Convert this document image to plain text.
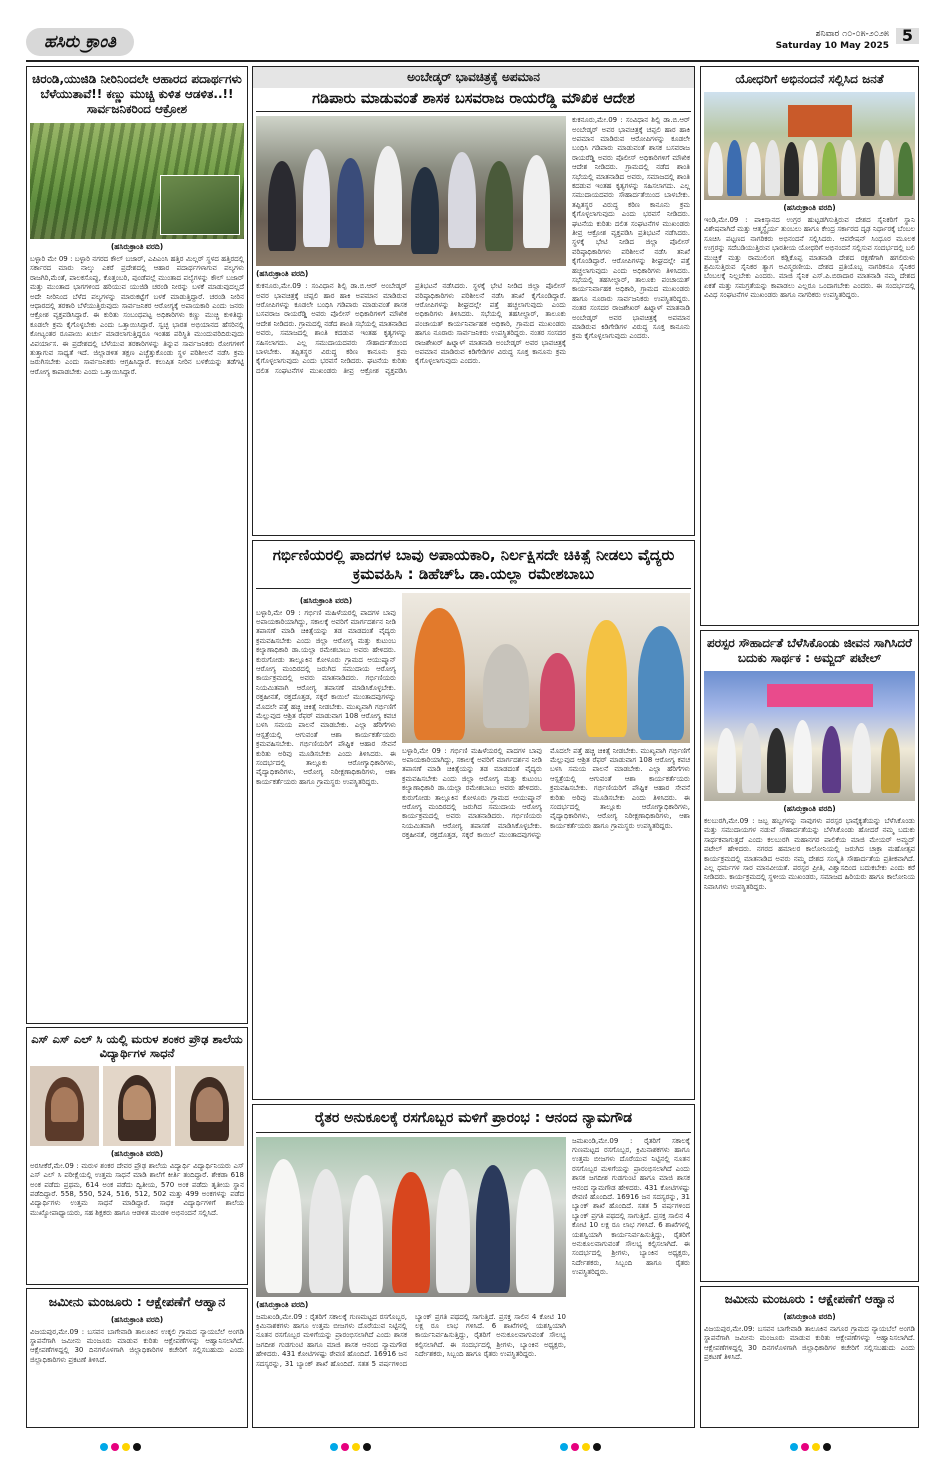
ಹಸಿರು ಕ್ರಾಂತಿ	ಶನಿವಾರ ೧೦-೦೫-೨೦೨೫
Saturday 10 May 2025
5
ಚಿರಂಡಿ,ಯುಜಿಡಿ ನೀರಿನಿಂದಲೇ ಆಹಾರದ ಪದಾರ್ಥಗಳು ಬೆಳೆಯುತಾವೆ!! ಕಣ್ಣು ಮುಚ್ಚಿ ಕುಳಿತ ಆಡಳಿತ..!! ಸಾರ್ವಜನಿಕರಿಂದ ಆಕ್ರೋಶ
(ಹಸಿರುಕ್ರಾಂತಿ ವರದಿ)
ಬಳ್ಳಾರಿ ಮೇ 09 : ಬಳ್ಳಾರಿ ನಗರದ ಕೌಲ್ ಬಜಾರ್, ಎಪಿಎಂಸಿ ಹತ್ತಿರ ಮಿಲ್ಲರ್ ಸ್ಥಳದ ಹತ್ತಿರದಲ್ಲಿ ಸರ್ಕಾರದ ಮಾರು ನಾಲ್ಕು ಎಕರೆ ಪ್ರದೇಶದಲ್ಲಿ ಆಹಾರ ಪದಾರ್ಥಗಳಾಗುವ ಪಲ್ಯಗಳು ರಾಜಗಿರಿ,ಮೆಂತೆ, ಪಾಲಕಸೊಪ್ಪು, ಕೊತ್ತಂಬರಿ, ಪುಂಡೆಪಲ್ಲೆ ಮುಂತಾದ ಪಲ್ಯೆಗಳನ್ನು ಕೌಲ್ ಬಜಾರ್ ಮತ್ತು ಮುಂತಾದ ಭಾಗಗಳಿಂದ ಹರಿಯುವ ಯುಜಿಡಿ ಚರಂಡಿ ನೀರನ್ನು ಬಳಕೆ ಮಾಡುವುದಲ್ಲದೆ ಅದೇ ನೀರಿನಿಂದ ಬೆಳೆದ ಪಲ್ಯಗಳನ್ನು ಮಾರುಕಟ್ಟೆಗೆ ಬಳಕೆ ಮಾಡುತ್ತಿದ್ದಾರೆ. ಚರಂಡಿ ನೀರಿನ ಆಧಾರದಲ್ಲಿ ತರಕಾರಿ ಬೆಳೆಯುತ್ತಿರುವುದು ಸಾರ್ವಜನಿಕರ ಆರೋಗ್ಯಕ್ಕೆ ಅಪಾಯಕಾರಿ ಎಂದು ಜನರು ಆಕ್ರೋಶ ವ್ಯಕ್ತಪಡಿಸಿದ್ದಾರೆ. ಈ ಕುರಿತು ಸಂಬಂಧಪಟ್ಟ ಅಧಿಕಾರಿಗಳು ಕಣ್ಣು ಮುಚ್ಚಿ ಕುಳಿತಿದ್ದು ಕೂಡಲೇ ಕ್ರಮ ಕೈಗೊಳ್ಳಬೇಕು ಎಂದು ಒತ್ತಾಯಿಸಿದ್ದಾರೆ. ಸ್ವಚ್ಛ ಭಾರತ ಅಭಿಯಾನದ ಹೆಸರಿನಲ್ಲಿ ಕೋಟ್ಯಂತರ ರೂಪಾಯಿ ಖರ್ಚು ಮಾಡಲಾಗುತ್ತಿದ್ದರೂ ಇಂತಹ ಪರಿಸ್ಥಿತಿ ಮುಂದುವರಿದಿರುವುದು ವಿಪರ್ಯಾಸ. ಈ ಪ್ರದೇಶದಲ್ಲಿ ಬೆಳೆಯುವ ತರಕಾರಿಗಳನ್ನು ತಿನ್ನುವ ಸಾರ್ವಜನಿಕರು ರೋಗಗಳಿಗೆ ತುತ್ತಾಗುವ ಸಾಧ್ಯತೆ ಇದೆ. ಜಿಲ್ಲಾಡಳಿತ ತಕ್ಷಣ ಎಚ್ಚೆತ್ತುಕೊಂಡು ಸ್ಥಳ ಪರಿಶೀಲನೆ ನಡೆಸಿ ಕ್ರಮ ಜರುಗಿಸಬೇಕು ಎಂದು ಸಾರ್ವಜನಿಕರು ಆಗ್ರಹಿಸಿದ್ದಾರೆ. ಕಲುಷಿತ ನೀರಿನ ಬಳಕೆಯನ್ನು ತಡೆಗಟ್ಟಿ ಆರೋಗ್ಯ ಕಾಪಾಡಬೇಕು ಎಂದು ಒತ್ತಾಯಿಸಿದ್ದಾರೆ.
ಎಸ್ ಎಸ್ ಎಲ್ ಸಿ ಯಲ್ಲಿ ಮರುಳ ಶಂಕರ ಪ್ರೌಢ ಶಾಲೆಯ ವಿದ್ಯಾರ್ಥಿಗಳ ಸಾಧನೆ
(ಹಸಿರುಕ್ರಾಂತಿ ವರದಿ)
ಅರಸೀಕೆರೆ,ಮೇ.09 : ಮರುಳ ಶಂಕರ ದೇವರ ಪ್ರೌಢ ಶಾಲೆಯ ವಿದ್ಯಾರ್ಥಿ ವಿದ್ಯಾರ್ಥಿನಿಯರು ಎಸ್ ಎಸ್ ಎಲ್ ಸಿ ಪರೀಕ್ಷೆಯಲ್ಲಿ ಉತ್ತಮ ಸಾಧನೆ ಮಾಡಿ ಶಾಲೆಗೆ ಕೀರ್ತಿ ತಂದಿದ್ದಾರೆ. ಶೇಕಡಾ 618 ಅಂಕ ಪಡೆದು ಪ್ರಥಮ, 614 ಅಂಕ ಪಡೆದು ದ್ವಿತೀಯ, 570 ಅಂಕ ಪಡೆದು ತೃತೀಯ ಸ್ಥಾನ ಪಡೆದಿದ್ದಾರೆ. 558, 550, 524, 516, 512, 502 ಮತ್ತು 499 ಅಂಕಗಳನ್ನು ಪಡೆದ ವಿದ್ಯಾರ್ಥಿಗಳು ಉತ್ತಮ ಸಾಧನೆ ಮಾಡಿದ್ದಾರೆ. ಸಾಧಕ ವಿದ್ಯಾರ್ಥಿಗಳಿಗೆ ಶಾಲೆಯ ಮುಖ್ಯೋಪಾಧ್ಯಾಯರು, ಸಹ ಶಿಕ್ಷಕರು ಹಾಗೂ ಆಡಳಿತ ಮಂಡಳಿ ಅಭಿನಂದನೆ ಸಲ್ಲಿಸಿದೆ.
ಜಮೀನು ಮಂಜೂರು : ಆಕ್ಷೇಪಣೆಗೆ ಆಹ್ವಾನ
(ಹಸಿರುಕ್ರಾಂತಿ ವರದಿ)
ವಿಜಯಪುರ,ಮೇ.09 : ಬಸವನ ಬಾಗೇವಾಡಿ ತಾಲೂಕಿನ ಉಕ್ಕಲಿ ಗ್ರಾಮದ ನ್ಯಾಯಬೆಲೆ ಅಂಗಡಿ ಸ್ಥಾಪನೆಗಾಗಿ ಜಮೀನು ಮಂಜೂರು ಮಾಡುವ ಕುರಿತು ಆಕ್ಷೇಪಣೆಗಳನ್ನು ಆಹ್ವಾನಿಸಲಾಗಿದೆ. ಆಕ್ಷೇಪಣೆಗಳಿದ್ದಲ್ಲಿ 30 ದಿನಗಳೊಳಗಾಗಿ ಜಿಲ್ಲಾಧಿಕಾರಿಗಳ ಕಚೇರಿಗೆ ಸಲ್ಲಿಸಬಹುದು ಎಂದು ಜಿಲ್ಲಾಧಿಕಾರಿಗಳು ಪ್ರಕಟಣೆ ತಿಳಿಸಿದೆ.
ಅಂಬೇಡ್ಕರ್ ಭಾವಚಿತ್ರಕ್ಕೆ ಅಪಮಾನ
ಗಡಿಪಾರು ಮಾಡುವಂತೆ ಶಾಸಕ ಬಸವರಾಜ ರಾಯರೆಡ್ಡಿ ಮೌಖಿಕ ಆದೇಶ
(ಹಸಿರುಕ್ರಾಂತಿ ವರದಿ)
ಕುಕನೂರು,ಮೇ.09 : ಸಂವಿಧಾನ ಶಿಲ್ಪಿ ಡಾ.ಬಿ.ಆರ್ ಅಂಬೇಡ್ಕರ್ ಅವರ ಭಾವಚಿತ್ರಕ್ಕೆ ಚಪ್ಪಲಿ ಹಾರ ಹಾಕಿ ಅಪಮಾನ ಮಾಡಿರುವ ಆರೋಪಿಗಳನ್ನು ಕೂಡಲೇ ಬಂಧಿಸಿ ಗಡಿಪಾರು ಮಾಡುವಂತೆ ಶಾಸಕ ಬಸವರಾಜ ರಾಯರೆಡ್ಡಿ ಅವರು ಪೊಲೀಸ್ ಅಧಿಕಾರಿಗಳಿಗೆ ಮೌಖಿಕ ಆದೇಶ ನೀಡಿದರು. ಗ್ರಾಮದಲ್ಲಿ ನಡೆದ ಶಾಂತಿ ಸಭೆಯಲ್ಲಿ ಮಾತನಾಡಿದ ಅವರು, ಸಮಾಜದಲ್ಲಿ ಶಾಂತಿ ಕದಡುವ ಇಂತಹ ಕೃತ್ಯಗಳನ್ನು ಸಹಿಸಲಾಗದು. ಎಲ್ಲ ಸಮುದಾಯದವರು ಸೌಹಾರ್ದತೆಯಿಂದ ಬಾಳಬೇಕು. ತಪ್ಪಿತಸ್ಥರ ವಿರುದ್ಧ ಕಠಿಣ ಕಾನೂನು ಕ್ರಮ ಕೈಗೊಳ್ಳಲಾಗುವುದು ಎಂದು ಭರವಸೆ ನೀಡಿದರು. ಘಟನೆಯ ಕುರಿತು ದಲಿತ ಸಂಘಟನೆಗಳ ಮುಖಂಡರು ತೀವ್ರ ಆಕ್ರೋಶ ವ್ಯಕ್ತಪಡಿಸಿ ಪ್ರತಿಭಟನೆ ನಡೆಸಿದರು. ಸ್ಥಳಕ್ಕೆ ಭೇಟಿ ನೀಡಿದ ಜಿಲ್ಲಾ ಪೊಲೀಸ್ ವರಿಷ್ಠಾಧಿಕಾರಿಗಳು ಪರಿಶೀಲನೆ ನಡೆಸಿ ತನಿಖೆ ಕೈಗೊಂಡಿದ್ದಾರೆ. ಆರೋಪಿಗಳನ್ನು ಶೀಘ್ರದಲ್ಲೇ ಪತ್ತೆ ಹಚ್ಚಲಾಗುವುದು ಎಂದು ಅಧಿಕಾರಿಗಳು ತಿಳಿಸಿದರು. ಸಭೆಯಲ್ಲಿ ತಹಸೀಲ್ದಾರ್, ತಾಲೂಕು ಪಂಚಾಯತ್ ಕಾರ್ಯನಿರ್ವಾಹಕ ಅಧಿಕಾರಿ, ಗ್ರಾಮದ ಮುಖಂಡರು ಹಾಗೂ ನೂರಾರು ಸಾರ್ವಜನಿಕರು ಉಪಸ್ಥಿತರಿದ್ದರು. ನಂತರ ಸಂಸದರ ರಾಜಶೇಖರ್ ಹಿಟ್ನಾಳ್ ಮಾತನಾಡಿ ಅಂಬೇಡ್ಕರ್ ಅವರ ಭಾವಚಿತ್ರಕ್ಕೆ ಅಪಮಾನ ಮಾಡಿರುವ ಕಿಡಿಗೇಡಿಗಳ ವಿರುದ್ಧ ಸೂಕ್ತ ಕಾನೂನು ಕ್ರಮ ಕೈಗೊಳ್ಳಲಾಗುವುದು ಎಂದರು.
ಕುಕನೂರು,ಮೇ.09 : ಸಂವಿಧಾನ ಶಿಲ್ಪಿ ಡಾ.ಬಿ.ಆರ್ ಅಂಬೇಡ್ಕರ್ ಅವರ ಭಾವಚಿತ್ರಕ್ಕೆ ಚಪ್ಪಲಿ ಹಾರ ಹಾಕಿ ಅಪಮಾನ ಮಾಡಿರುವ ಆರೋಪಿಗಳನ್ನು ಕೂಡಲೇ ಬಂಧಿಸಿ ಗಡಿಪಾರು ಮಾಡುವಂತೆ ಶಾಸಕ ಬಸವರಾಜ ರಾಯರೆಡ್ಡಿ ಅವರು ಪೊಲೀಸ್ ಅಧಿಕಾರಿಗಳಿಗೆ ಮೌಖಿಕ ಆದೇಶ ನೀಡಿದರು. ಗ್ರಾಮದಲ್ಲಿ ನಡೆದ ಶಾಂತಿ ಸಭೆಯಲ್ಲಿ ಮಾತನಾಡಿದ ಅವರು, ಸಮಾಜದಲ್ಲಿ ಶಾಂತಿ ಕದಡುವ ಇಂತಹ ಕೃತ್ಯಗಳನ್ನು ಸಹಿಸಲಾಗದು. ಎಲ್ಲ ಸಮುದಾಯದವರು ಸೌಹಾರ್ದತೆಯಿಂದ ಬಾಳಬೇಕು. ತಪ್ಪಿತಸ್ಥರ ವಿರುದ್ಧ ಕಠಿಣ ಕಾನೂನು ಕ್ರಮ ಕೈಗೊಳ್ಳಲಾಗುವುದು ಎಂದು ಭರವಸೆ ನೀಡಿದರು. ಘಟನೆಯ ಕುರಿತು ದಲಿತ ಸಂಘಟನೆಗಳ ಮುಖಂಡರು ತೀವ್ರ ಆಕ್ರೋಶ ವ್ಯಕ್ತಪಡಿಸಿ ಪ್ರತಿಭಟನೆ ನಡೆಸಿದರು. ಸ್ಥಳಕ್ಕೆ ಭೇಟಿ ನೀಡಿದ ಜಿಲ್ಲಾ ಪೊಲೀಸ್ ವರಿಷ್ಠಾಧಿಕಾರಿಗಳು ಪರಿಶೀಲನೆ ನಡೆಸಿ ತನಿಖೆ ಕೈಗೊಂಡಿದ್ದಾರೆ. ಆರೋಪಿಗಳನ್ನು ಶೀಘ್ರದಲ್ಲೇ ಪತ್ತೆ ಹಚ್ಚಲಾಗುವುದು ಎಂದು ಅಧಿಕಾರಿಗಳು ತಿಳಿಸಿದರು. ಸಭೆಯಲ್ಲಿ ತಹಸೀಲ್ದಾರ್, ತಾಲೂಕು ಪಂಚಾಯತ್ ಕಾರ್ಯನಿರ್ವಾಹಕ ಅಧಿಕಾರಿ, ಗ್ರಾಮದ ಮುಖಂಡರು ಹಾಗೂ ನೂರಾರು ಸಾರ್ವಜನಿಕರು ಉಪಸ್ಥಿತರಿದ್ದರು. ನಂತರ ಸಂಸದರ ರಾಜಶೇಖರ್ ಹಿಟ್ನಾಳ್ ಮಾತನಾಡಿ ಅಂಬೇಡ್ಕರ್ ಅವರ ಭಾವಚಿತ್ರಕ್ಕೆ ಅಪಮಾನ ಮಾಡಿರುವ ಕಿಡಿಗೇಡಿಗಳ ವಿರುದ್ಧ ಸೂಕ್ತ ಕಾನೂನು ಕ್ರಮ ಕೈಗೊಳ್ಳಲಾಗುವುದು ಎಂದರು.
ಗರ್ಭಿಣಿಯರಲ್ಲಿ ಪಾದಗಳ ಬಾವು ಅಪಾಯಕಾರಿ, ನಿರ್ಲಕ್ಷಿಸದೇ ಚಿಕಿತ್ಸೆ ನೀಡಲು ವೈದ್ಯರು ಕ್ರಮವಹಿಸಿ : ಡಿಹೆಚ್ಓ ಡಾ.ಯಲ್ಲಾ ರಮೇಶಬಾಬು
(ಹಸಿರುಕ್ರಾಂತಿ ವರದಿ)
ಬಳ್ಳಾರಿ,ಮೇ 09 : ಗರ್ಭಿಣಿ ಮಹಿಳೆಯರಲ್ಲಿ ಪಾದಗಳ ಬಾವು ಅಪಾಯಕಾರಿಯಾಗಿದ್ದು, ಸಕಾಲಕ್ಕೆ ಅವರಿಗೆ ಮಾರ್ಗದರ್ಶನ ನೀಡಿ ತಪಾಸಣೆ ಮಾಡಿ ಚಿಕಿತ್ಸೆಯನ್ನು ತಡ ಮಾಡದಂತೆ ವೈದ್ಯರು ಕ್ರಮವಹಿಸಬೇಕು ಎಂದು ಜಿಲ್ಲಾ ಆರೋಗ್ಯ ಮತ್ತು ಕುಟುಂಬ ಕಲ್ಯಾಣಾಧಿಕಾರಿ ಡಾ.ಯಲ್ಲಾ ರಮೇಶಬಾಬು ಅವರು ಹೇಳಿದರು. ಕುರುಗೋಡು ತಾಲ್ಲೂಕಿನ ಕೋಳೂರು ಗ್ರಾಮದ ಆಯುಷ್ಮಾನ್ ಆರೋಗ್ಯ ಮಂದಿರದಲ್ಲಿ ಜರುಗಿದ ಸಮುದಾಯ ಆರೋಗ್ಯ ಕಾರ್ಯಕ್ರಮದಲ್ಲಿ ಅವರು ಮಾತನಾಡಿದರು. ಗರ್ಭಿಣಿಯರು ನಿಯಮಿತವಾಗಿ ಆರೋಗ್ಯ ತಪಾಸಣೆ ಮಾಡಿಸಿಕೊಳ್ಳಬೇಕು. ರಕ್ತಹೀನತೆ, ರಕ್ತದೊತ್ತಡ, ಸಕ್ಕರೆ ಕಾಯಿಲೆ ಮುಂತಾದವುಗಳನ್ನು ಮೊದಲೇ ಪತ್ತೆ ಹಚ್ಚಿ ಚಿಕಿತ್ಸೆ ನೀಡಬೇಕು. ಮುಖ್ಯವಾಗಿ ಗರ್ಭಿಣಿಗೆ ಮೆಲ್ಲುವುದ ಆಶ್ರಿತ ರೆಫರ್ ಮಾಡುವಾಗ 108 ಆರೋಗ್ಯ ಕವಚ ಬಳಸಿ ಸಮಯ ಪಾಲನೆ ಮಾಡಬೇಕು. ಎಲ್ಲಾ ಹೆರಿಗೆಗಳು ಆಸ್ಪತ್ರೆಯಲ್ಲಿ ಆಗುವಂತೆ ಆಶಾ ಕಾರ್ಯಕರ್ತೆಯರು ಕ್ರಮವಹಿಸಬೇಕು. ಗರ್ಭಿಣಿಯರಿಗೆ ಪೌಷ್ಟಿಕ ಆಹಾರ ಸೇವನೆ ಕುರಿತು ಅರಿವು ಮೂಡಿಸಬೇಕು ಎಂದು ತಿಳಿಸಿದರು. ಈ ಸಂದರ್ಭದಲ್ಲಿ ತಾಲ್ಲೂಕು ಆರೋಗ್ಯಾಧಿಕಾರಿಗಳು, ವೈದ್ಯಾಧಿಕಾರಿಗಳು, ಆರೋಗ್ಯ ನಿರೀಕ್ಷಣಾಧಿಕಾರಿಗಳು, ಆಶಾ ಕಾರ್ಯಕರ್ತೆಯರು ಹಾಗೂ ಗ್ರಾಮಸ್ಥರು ಉಪಸ್ಥಿತರಿದ್ದರು.
ಬಳ್ಳಾರಿ,ಮೇ 09 : ಗರ್ಭಿಣಿ ಮಹಿಳೆಯರಲ್ಲಿ ಪಾದಗಳ ಬಾವು ಅಪಾಯಕಾರಿಯಾಗಿದ್ದು, ಸಕಾಲಕ್ಕೆ ಅವರಿಗೆ ಮಾರ್ಗದರ್ಶನ ನೀಡಿ ತಪಾಸಣೆ ಮಾಡಿ ಚಿಕಿತ್ಸೆಯನ್ನು ತಡ ಮಾಡದಂತೆ ವೈದ್ಯರು ಕ್ರಮವಹಿಸಬೇಕು ಎಂದು ಜಿಲ್ಲಾ ಆರೋಗ್ಯ ಮತ್ತು ಕುಟುಂಬ ಕಲ್ಯಾಣಾಧಿಕಾರಿ ಡಾ.ಯಲ್ಲಾ ರಮೇಶಬಾಬು ಅವರು ಹೇಳಿದರು. ಕುರುಗೋಡು ತಾಲ್ಲೂಕಿನ ಕೋಳೂರು ಗ್ರಾಮದ ಆಯುಷ್ಮಾನ್ ಆರೋಗ್ಯ ಮಂದಿರದಲ್ಲಿ ಜರುಗಿದ ಸಮುದಾಯ ಆರೋಗ್ಯ ಕಾರ್ಯಕ್ರಮದಲ್ಲಿ ಅವರು ಮಾತನಾಡಿದರು. ಗರ್ಭಿಣಿಯರು ನಿಯಮಿತವಾಗಿ ಆರೋಗ್ಯ ತಪಾಸಣೆ ಮಾಡಿಸಿಕೊಳ್ಳಬೇಕು. ರಕ್ತಹೀನತೆ, ರಕ್ತದೊತ್ತಡ, ಸಕ್ಕರೆ ಕಾಯಿಲೆ ಮುಂತಾದವುಗಳನ್ನು ಮೊದಲೇ ಪತ್ತೆ ಹಚ್ಚಿ ಚಿಕಿತ್ಸೆ ನೀಡಬೇಕು. ಮುಖ್ಯವಾಗಿ ಗರ್ಭಿಣಿಗೆ ಮೆಲ್ಲುವುದ ಆಶ್ರಿತ ರೆಫರ್ ಮಾಡುವಾಗ 108 ಆರೋಗ್ಯ ಕವಚ ಬಳಸಿ ಸಮಯ ಪಾಲನೆ ಮಾಡಬೇಕು. ಎಲ್ಲಾ ಹೆರಿಗೆಗಳು ಆಸ್ಪತ್ರೆಯಲ್ಲಿ ಆಗುವಂತೆ ಆಶಾ ಕಾರ್ಯಕರ್ತೆಯರು ಕ್ರಮವಹಿಸಬೇಕು. ಗರ್ಭಿಣಿಯರಿಗೆ ಪೌಷ್ಟಿಕ ಆಹಾರ ಸೇವನೆ ಕುರಿತು ಅರಿವು ಮೂಡಿಸಬೇಕು ಎಂದು ತಿಳಿಸಿದರು. ಈ ಸಂದರ್ಭದಲ್ಲಿ ತಾಲ್ಲೂಕು ಆರೋಗ್ಯಾಧಿಕಾರಿಗಳು, ವೈದ್ಯಾಧಿಕಾರಿಗಳು, ಆರೋಗ್ಯ ನಿರೀಕ್ಷಣಾಧಿಕಾರಿಗಳು, ಆಶಾ ಕಾರ್ಯಕರ್ತೆಯರು ಹಾಗೂ ಗ್ರಾಮಸ್ಥರು ಉಪಸ್ಥಿತರಿದ್ದರು.
ರೈತರ ಅನುಕೂಲಕ್ಕೆ ರಸಗೊಬ್ಬರ ಮಳಿಗೆ ಪ್ರಾರಂಭ : ಆನಂದ ನ್ಯಾಮಗೌಡ
(ಹಸಿರುಕ್ರಾಂತಿ ವರದಿ)
ಜಮಖಂಡಿ,ಮೇ.09 : ರೈತರಿಗೆ ಸಕಾಲಕ್ಕೆ ಗುಣಮಟ್ಟದ ರಸಗೊಬ್ಬರ, ಕ್ರಿಮಿನಾಶಕಗಳು ಹಾಗೂ ಉತ್ತಮ ಬೀಜಗಳು ದೊರೆಯುವ ನಿಟ್ಟಿನಲ್ಲಿ ನೂತನ ರಸಗೊಬ್ಬರ ಮಳಿಗೆಯನ್ನು ಪ್ರಾರಂಭಿಸಲಾಗಿದೆ ಎಂದು ಶಾಸಕ ಜಗದೀಶ ಗುಡಗುಂಟಿ ಹಾಗೂ ಮಾಜಿ ಶಾಸಕ ಆನಂದ ನ್ಯಾಮಗೌಡ ಹೇಳಿದರು. 431 ಕೋಟಿಗಳಷ್ಟು ಠೇವಣಿ ಹೊಂದಿದೆ. 16916 ಜನ ಸದಸ್ಯರನ್ನು, 31 ಬ್ಯಾಂಕ್ ಶಾಖೆ ಹೊಂದಿದೆ. ಸತತ 5 ವರ್ಷಗಳಿಂದ ಬ್ಯಾಂಕ್ ಪ್ರಗತಿ ಪಥದಲ್ಲಿ ಸಾಗುತ್ತಿದೆ. ಪ್ರಸಕ್ತ ಸಾಲಿನ 4 ಕೋಟಿ 10 ಲಕ್ಷ ರೂ ಲಾಭ ಗಳಿಸಿದೆ. 6 ಶಾಖೆಗಳಲ್ಲಿ ಯಶಸ್ವಿಯಾಗಿ ಕಾರ್ಯನಿರ್ವಹಿಸುತ್ತಿದ್ದು, ರೈತರಿಗೆ ಅನುಕೂಲವಾಗುವಂತೆ ಸೌಲಭ್ಯ ಕಲ್ಪಿಸಲಾಗಿದೆ. ಈ ಸಂದರ್ಭದಲ್ಲಿ ಶ್ರೀಗಳು, ಬ್ಯಾಂಕಿನ ಅಧ್ಯಕ್ಷರು, ನಿರ್ದೇಶಕರು, ಸಿಬ್ಬಂದಿ ಹಾಗೂ ರೈತರು ಉಪಸ್ಥಿತರಿದ್ದರು.
ಜಮಖಂಡಿ,ಮೇ.09 : ರೈತರಿಗೆ ಸಕಾಲಕ್ಕೆ ಗುಣಮಟ್ಟದ ರಸಗೊಬ್ಬರ, ಕ್ರಿಮಿನಾಶಕಗಳು ಹಾಗೂ ಉತ್ತಮ ಬೀಜಗಳು ದೊರೆಯುವ ನಿಟ್ಟಿನಲ್ಲಿ ನೂತನ ರಸಗೊಬ್ಬರ ಮಳಿಗೆಯನ್ನು ಪ್ರಾರಂಭಿಸಲಾಗಿದೆ ಎಂದು ಶಾಸಕ ಜಗದೀಶ ಗುಡಗುಂಟಿ ಹಾಗೂ ಮಾಜಿ ಶಾಸಕ ಆನಂದ ನ್ಯಾಮಗೌಡ ಹೇಳಿದರು. 431 ಕೋಟಿಗಳಷ್ಟು ಠೇವಣಿ ಹೊಂದಿದೆ. 16916 ಜನ ಸದಸ್ಯರನ್ನು, 31 ಬ್ಯಾಂಕ್ ಶಾಖೆ ಹೊಂದಿದೆ. ಸತತ 5 ವರ್ಷಗಳಿಂದ ಬ್ಯಾಂಕ್ ಪ್ರಗತಿ ಪಥದಲ್ಲಿ ಸಾಗುತ್ತಿದೆ. ಪ್ರಸಕ್ತ ಸಾಲಿನ 4 ಕೋಟಿ 10 ಲಕ್ಷ ರೂ ಲಾಭ ಗಳಿಸಿದೆ. 6 ಶಾಖೆಗಳಲ್ಲಿ ಯಶಸ್ವಿಯಾಗಿ ಕಾರ್ಯನಿರ್ವಹಿಸುತ್ತಿದ್ದು, ರೈತರಿಗೆ ಅನುಕೂಲವಾಗುವಂತೆ ಸೌಲಭ್ಯ ಕಲ್ಪಿಸಲಾಗಿದೆ. ಈ ಸಂದರ್ಭದಲ್ಲಿ ಶ್ರೀಗಳು, ಬ್ಯಾಂಕಿನ ಅಧ್ಯಕ್ಷರು, ನಿರ್ದೇಶಕರು, ಸಿಬ್ಬಂದಿ ಹಾಗೂ ರೈತರು ಉಪಸ್ಥಿತರಿದ್ದರು.
ಯೋಧರಿಗೆ ಅಭಿನಂದನೆ ಸಲ್ಲಿಸಿದ ಜನತೆ
(ಹಸಿರುಕ್ರಾಂತಿ ವರದಿ)
ಇಂಡಿ,ಮೇ.09 : ಪಾಕಿಸ್ತಾನದ ಉಗ್ರರ ಹುಟ್ಟಡಗಿಸುತ್ತಿರುವ ದೇಶದ ಸೈನಿಕರಿಗೆ ಸ್ಥಾನಿ ವಿಶೇಷವಾಗಿದೆ ಮತ್ತು ಆತ್ಮಸ್ಥೈರ್ಯ ತುಂಬಲು ಹಾಗೂ ಕೇಂದ್ರ ಸರ್ಕಾರದ ದೃಢ ನಿರ್ಧಾರಕ್ಕೆ ಬೆಂಬಲ ಸೂಚಿಸಿ ಪಟ್ಟಣದ ನಾಗರಿಕರು ಅಭಿನಂದನೆ ಸಲ್ಲಿಸಿದರು. ಆಪರೇಷನ್ ಸಿಂಧೂರ ಮೂಲಕ ಉಗ್ರರನ್ನು ಸದೆಬಡಿಯುತ್ತಿರುವ ಭಾರತೀಯ ಯೋಧರಿಗೆ ಅಭಿನಂದನೆ ಸಲ್ಲಿಸುವ ಸಂದರ್ಭದಲ್ಲಿ ಬಲಿ ಮುಚ್ಚಿಕೆ ಮತ್ತು ರಾಮುಲಿಂಗ ಕಡ್ಲಿಕೊಪ್ಪ ಮಾತನಾಡಿ ದೇಶದ ರಕ್ಷಣೆಗಾಗಿ ಹಗಲಿರುಳು ಶ್ರಮಿಸುತ್ತಿರುವ ಸೈನಿಕರ ತ್ಯಾಗ ಅವಿಸ್ಮರಣೀಯ. ದೇಶದ ಪ್ರತಿಯೊಬ್ಬ ನಾಗರಿಕನೂ ಸೈನಿಕರ ಬೆಂಬಲಕ್ಕೆ ನಿಲ್ಲಬೇಕು ಎಂದರು. ಮಾಜಿ ಸೈನಿಕ ಎಸ್.ಪಿ.ಬಿರಾದಾರ ಮಾತನಾಡಿ ನಮ್ಮ ದೇಶದ ಏಕತೆ ಮತ್ತು ಸಮಗ್ರತೆಯನ್ನು ಕಾಪಾಡಲು ಎಲ್ಲರೂ ಒಂದಾಗಬೇಕು ಎಂದರು. ಈ ಸಂದರ್ಭದಲ್ಲಿ ವಿವಿಧ ಸಂಘಟನೆಗಳ ಮುಖಂಡರು ಹಾಗೂ ನಾಗರಿಕರು ಉಪಸ್ಥಿತರಿದ್ದರು.
ಪರಸ್ಪರ ಸೌಹಾರ್ದತೆ ಬೆಳೆಸಿಕೊಂಡು ಜೀವನ ಸಾಗಿಸಿದರೆ ಬದುಕು ಸಾರ್ಥಕ : ಅಮ್ಜದ್ ಪಟೇಲ್
(ಹಸಿರುಕ್ರಾಂತಿ ವರದಿ)
ಕಲಬುರಗಿ,ಮೇ.09 : ಜಬ್ಬ ಹಬ್ಬಗಳನ್ನು ನಾವುಗಳು ಪರಸ್ಪರ ಭಾವೈಕ್ಯತೆಯನ್ನು ಬೆಳೆಸಿಕೊಂಡು ಮತ್ತು ಸಮುದಾಯಗಳ ನಡುವೆ ಸೌಹಾರ್ದತೆಯನ್ನು ಬೆಳೆಸಿಕೊಂಡು ಹೋದರೆ ನಮ್ಮ ಬದುಕು ಸಾರ್ಥಕವಾಗುತ್ತದೆ ಎಂದು ಕಲಬುರಗಿ ಮಹಾನಗರ ಪಾಲಿಕೆಯ ಮಾಜಿ ಮೇಯರ್ ಅಮ್ಜದ್ ಪಟೇಲ್ ಹೇಳಿದರು. ನಗರದ ಹಮಾಲರ ಕಾಲೋನಿಯಲ್ಲಿ ಜರುಗಿದ ಚಾಕ್ರಾ ಮಹೋತ್ಸವ ಕಾರ್ಯಕ್ರಮದಲ್ಲಿ ಮಾತನಾಡಿದ ಅವರು ನಮ್ಮ ದೇಶದ ಸಂಸ್ಕೃತಿ ಸೌಹಾರ್ದತೆಯ ಪ್ರತೀಕವಾಗಿದೆ. ಎಲ್ಲ ಧರ್ಮಗಳ ಸಾರ ಮಾನವೀಯತೆ. ಪರಸ್ಪರ ಪ್ರೀತಿ, ವಿಶ್ವಾಸದಿಂದ ಬದುಕಬೇಕು ಎಂದು ಕರೆ ನೀಡಿದರು. ಕಾರ್ಯಕ್ರಮದಲ್ಲಿ ಸ್ಥಳೀಯ ಮುಖಂಡರು, ಸಮಾಜದ ಹಿರಿಯರು ಹಾಗೂ ಕಾಲೋನಿಯ ನಿವಾಸಿಗಳು ಉಪಸ್ಥಿತರಿದ್ದರು.
ಜಮೀನು ಮಂಜೂರು : ಆಕ್ಷೇಪಣೆಗೆ ಆಹ್ವಾನ
(ಹಸಿರುಕ್ರಾಂತಿ ವರದಿ)
ವಿಜಯಪುರ,ಮೇ.09: ಬಸವನ ಬಾಗೇವಾಡಿ ತಾಲೂಕಿನ ನಾಗೂರ ಗ್ರಾಮದ ನ್ಯಾಯಬೆಲೆ ಅಂಗಡಿ ಸ್ಥಾಪನೆಗಾಗಿ ಜಮೀನು ಮಂಜೂರು ಮಾಡುವ ಕುರಿತು ಆಕ್ಷೇಪಣೆಗಳನ್ನು ಆಹ್ವಾನಿಸಲಾಗಿದೆ. ಆಕ್ಷೇಪಣೆಗಳಿದ್ದಲ್ಲಿ 30 ದಿನಗಳೊಳಗಾಗಿ ಜಿಲ್ಲಾಧಿಕಾರಿಗಳ ಕಚೇರಿಗೆ ಸಲ್ಲಿಸಬಹುದು ಎಂದು ಪ್ರಕಟಣೆ ತಿಳಿಸಿದೆ.
